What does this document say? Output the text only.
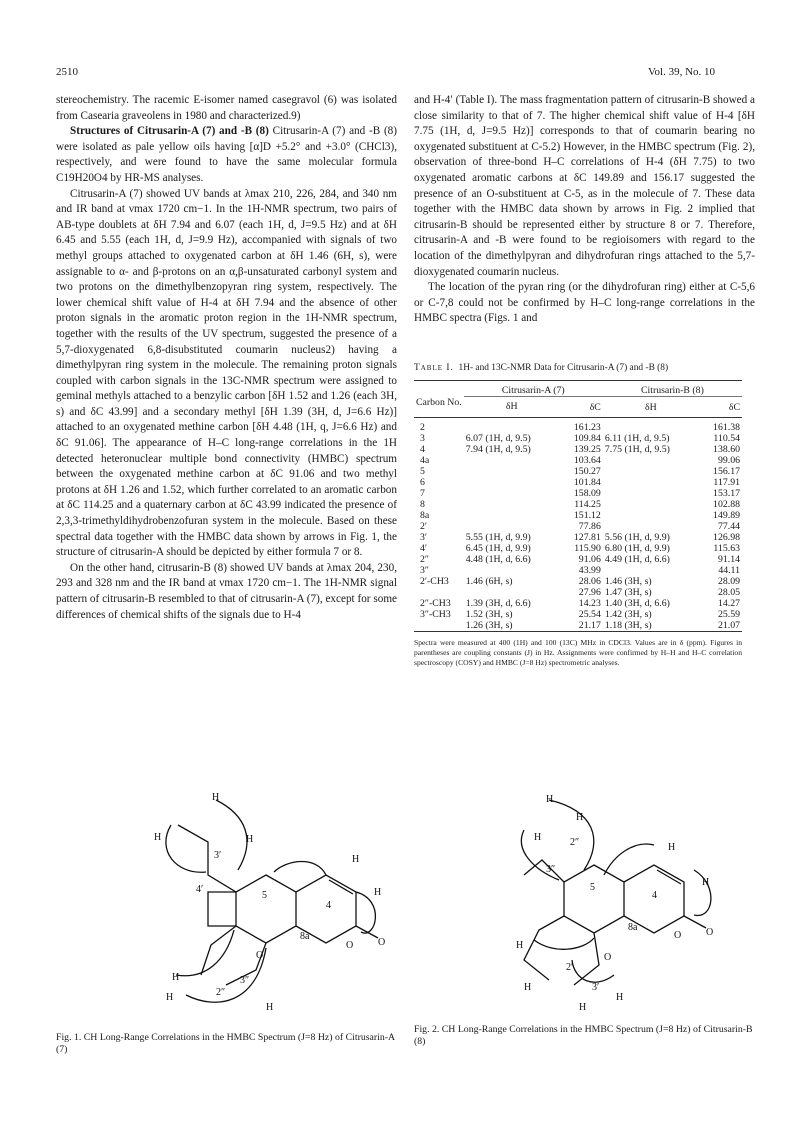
2510	Vol. 39, No. 10

stereochemistry. The racemic E-isomer named casegravol (6) was isolated from Casearia graveolens in 1980 and characterized.9)

Structures of Citrusarin-A (7) and -B (8) Citrusarin-A (7) and -B (8) were isolated as pale yellow oils having [α]D +5.2° and +3.0° (CHCl3), respectively, and were found to have the same molecular formula C19H20O4 by HR-MS analyses.

Citrusarin-A (7) showed UV bands at λmax 210, 226, 284, and 340 nm and IR band at νmax 1720 cm−1. In the 1H-NMR spectrum, two pairs of AB-type doublets at δH 7.94 and 6.07 (each 1H, d, J=9.5 Hz) and at δH 6.45 and 5.55 (each 1H, d, J=9.9 Hz), accompanied with signals of two methyl groups attached to oxygenated carbon at δH 1.46 (6H, s), were assignable to α- and β-protons on an α,β-unsaturated carbonyl system and two protons on the dimethylbenzopyran ring system, respectively. The lower chemical shift value of H-4 at δH 7.94 and the absence of other proton signals in the aromatic proton region in the 1H-NMR spectrum, together with the results of the UV spectrum, suggested the presence of a 5,7-dioxygenated 6,8-disubstituted coumarin nucleus2) having a dimethylpyran ring system in the molecule. The remaining proton signals coupled with carbon signals in the 13C-NMR spectrum were assigned to geminal methyls attached to a benzylic carbon [δH 1.52 and 1.26 (each 3H, s) and δC 43.99] and a secondary methyl [δH 1.39 (3H, d, J=6.6 Hz)] attached to an oxygenated methine carbon [δH 4.48 (1H, q, J=6.6 Hz) and δC 91.06]. The appearance of H–C long-range correlations in the 1H detected heteronuclear multiple bond connectivity (HMBC) spectrum between the oxygenated methine carbon at δC 91.06 and two methyl protons at δH 1.26 and 1.52, which further correlated to an aromatic carbon at δC 114.25 and a quaternary carbon at δC 43.99 indicated the presence of 2,3,3-trimethyldihydrobenzofuran system in the molecule. Based on these spectral data together with the HMBC data shown by arrows in Fig. 1, the structure of citrusarin-A should be depicted by either formula 7 or 8.

On the other hand, citrusarin-B (8) showed UV bands at λmax 204, 230, 293 and 328 nm and the IR band at νmax 1720 cm−1. The 1H-NMR signal pattern of citrusarin-B resembled to that of citrusarin-A (7), except for some differences of chemical shifts of the signals due to H-4

and H-4′ (Table I). The mass fragmentation pattern of citrusarin-B showed a close similarity to that of 7. The higher chemical shift value of H-4 [δH 7.75 (1H, d, J=9.5 Hz)] corresponds to that of coumarin bearing no oxygenated substituent at C-5.2) However, in the HMBC spectrum (Fig. 2), observation of three-bond H–C correlations of H-4 (δH 7.75) to two oxygenated aromatic carbons at δC 149.89 and 156.17 suggested the presence of an O-substituent at C-5, as in the molecule of 7. These data together with the HMBC data shown by arrows in Fig. 2 implied that citrusarin-B should be represented either by structure 8 or 7. Therefore, citrusarin-A and -B were found to be regioisomers with regard to the location of the dimethylpyran and dihydrofuran rings attached to the 5,7-dioxygenated coumarin nucleus.

The location of the pyran ring (or the dihydrofuran ring) either at C-5,6 or C-7,8 could not be confirmed by H–C long-range correlations in the HMBC spectra (Figs. 1 and

Table I. 1H- and 13C-NMR Data for Citrusarin-A (7) and -B (8)
Carbon No.	Citrusarin-A (7)		Citrusarin-B (8)	
	δH	δC	δH	δC
2		161.23		161.38
3	6.07 (1H, d, 9.5)	109.84	6.11 (1H, d, 9.5)	110.54
4	7.94 (1H, d, 9.5)	139.25	7.75 (1H, d, 9.5)	138.60
4a		103.64		99.06
5		150.27		156.17
6		101.84		117.91
7		158.09		153.17
8		114.25		102.88
8a		151.12		149.89
2′		77.86		77.44
3′	5.55 (1H, d, 9.9)	127.81	5.56 (1H, d, 9.9)	126.98
4′	6.45 (1H, d, 9.9)	115.90	6.80 (1H, d, 9.9)	115.63
2″	4.48 (1H, d, 6.6)	91.06	4.49 (1H, d, 6.6)	91.14
3″		43.99		44.11
2′-CH3	1.46 (6H, s)	28.06	1.46 (3H, s)	28.09
		27.96	1.47 (3H, s)	28.05
2″-CH3	1.39 (3H, d, 6.6)	14.23	1.40 (3H, d, 6.6)	14.27
3″-CH3	1.52 (3H, s)	25.54	1.42 (3H, s)	25.59
	1.26 (3H, s)	21.17	1.18 (3H, s)	21.07
Spectra were measured at 400 (1H) and 100 (13C) MHz in CDCl3. Values are in δ (ppm). Figures in parentheses are coupling constants (J) in Hz. Assignments were confirmed by H–H and H–C correlation spectroscopy (COSY) and HMBC (J=8 Hz) spectrometric analyses.
H
H
H
3′
4′
5
4
8a
H
H
O
O
O
3″
2″
H
H
H
Fig. 1. CH Long-Range Correlations in the HMBC Spectrum (J=8 Hz) of Citrusarin-A (7)
H
H
H	2″
3″
5
4
8a
H
H
O
O
O
2′
3′
H
H
H
H
Fig. 2. CH Long-Range Correlations in the HMBC Spectrum (J=8 Hz) of Citrusarin-B (8)
